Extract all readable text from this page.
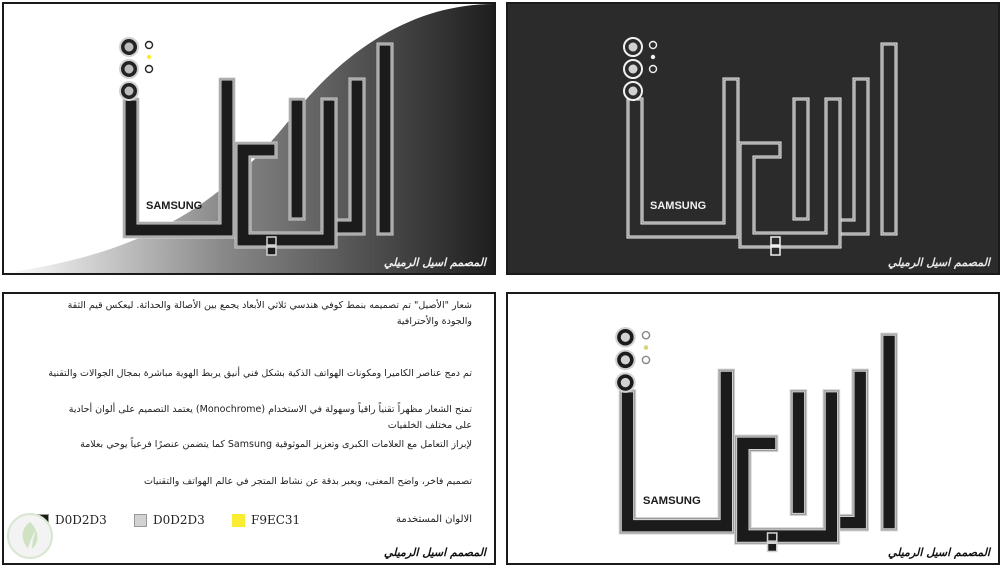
SAMSUNG
المصمم اسيل الرميلي
SAMSUNG
المصمم اسيل الرميلي
شعار "الأصيل" تم تصميمه بنمط كوفي هندسي ثلاثي الأبعاد يجمع بين الأصالة والحداثة. ليعكس قيم الثقة
والجودة والأحترافية
تم دمج عناصر الكاميرا ومكونات الهواتف الذكية بشكل فني أنيق يربط الهوية مباشرة بمجال الجوالات والتقنية
تمنح الشعار مظهراً تقنياً راقياً وسهولة في الاستخدام (Monochrome) يعتمد التصميم على ألوان أحادية
على مختلف الخلفيات
لإبراز التعامل مع العلامات الكبرى وتعزيز الموثوقية Samsung كما يتضمن عنصرًا فرعياً يوحي بعلامة
تصميم فاخر، واضح المعنى، ويعبر بدقة عن نشاط المتجر في عالم الهواتف والتقنيات
D0D2D3	D0D2D3	F9EC31	الالوان المستخدمة
المصمم اسيل الرميلي
SAMSUNG
المصمم اسيل الرميلي
